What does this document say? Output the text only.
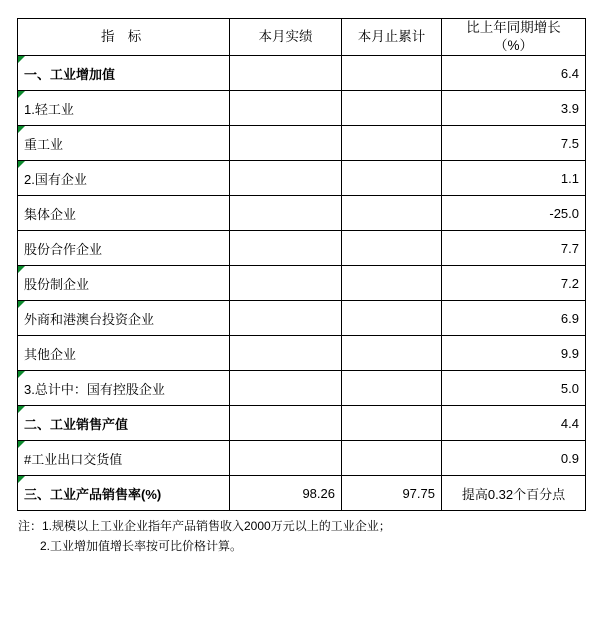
指 标	本月实绩	本月止累计	比上年同期增长
（%）

一、工业增加值			6.4
1.轻工业			3.9
重工业			7.5
2.国有企业			1.1
集体企业			-25.0
股份合作企业			7.7
股份制企业			7.2
外商和港澳台投资企业			6.9
其他企业			9.9
3.总计中：国有控股企业			5.0
二、工业销售产值			4.4
#工业出口交货值			0.9
三、工业产品销售率(%)	98.26	97.75	提高0.32个百分点
注：1.规模以上工业企业指年产品销售收入2000万元以上的工业企业；
2.工业增加值增长率按可比价格计算。
